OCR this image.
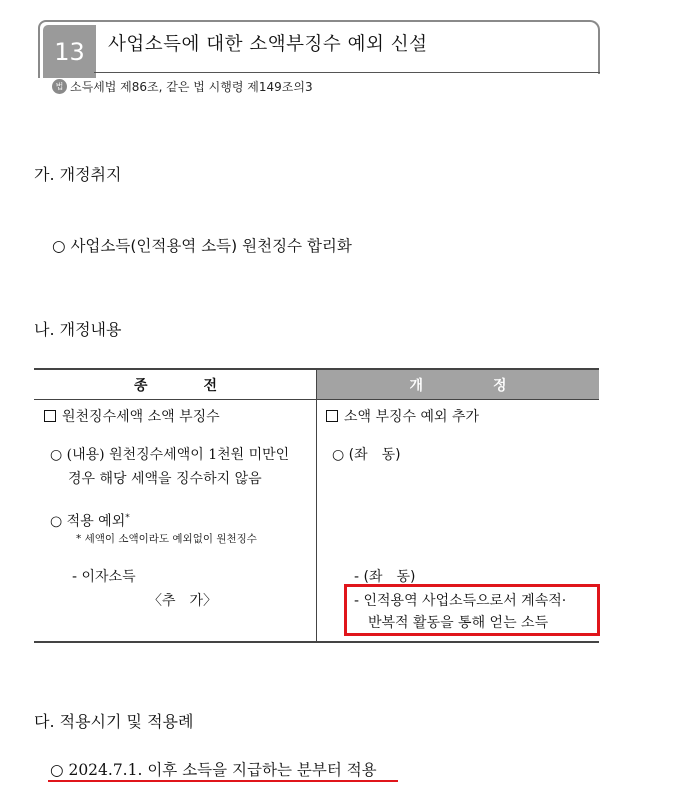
13	사업소득에 대한 소액부징수 예외 신설
법 소득세법 제86조, 같은 법 시행령 제149조의3
가. 개정취지
○ 사업소득(인적용역 소득) 원천징수 합리화
나. 개정내용
종　　　　전	개　　　　　정
원천징수세액 소액 부징수
○ (내용) 원천징수세액이 1천원 미만인
경우 해당 세액을 징수하지 않음
○ 적용 예외*
* 세액이 소액이라도 예외없이 원천징수
- 이자소득
〈추　가〉
소액 부징수 예외 추가
○ (좌　동)
- (좌　동)
- 인적용역 사업소득으로서 계속적·
반복적 활동을 통해 얻는 소득
다. 적용시기 및 적용례
○ 2024.7.1. 이후 소득을 지급하는 분부터 적용
